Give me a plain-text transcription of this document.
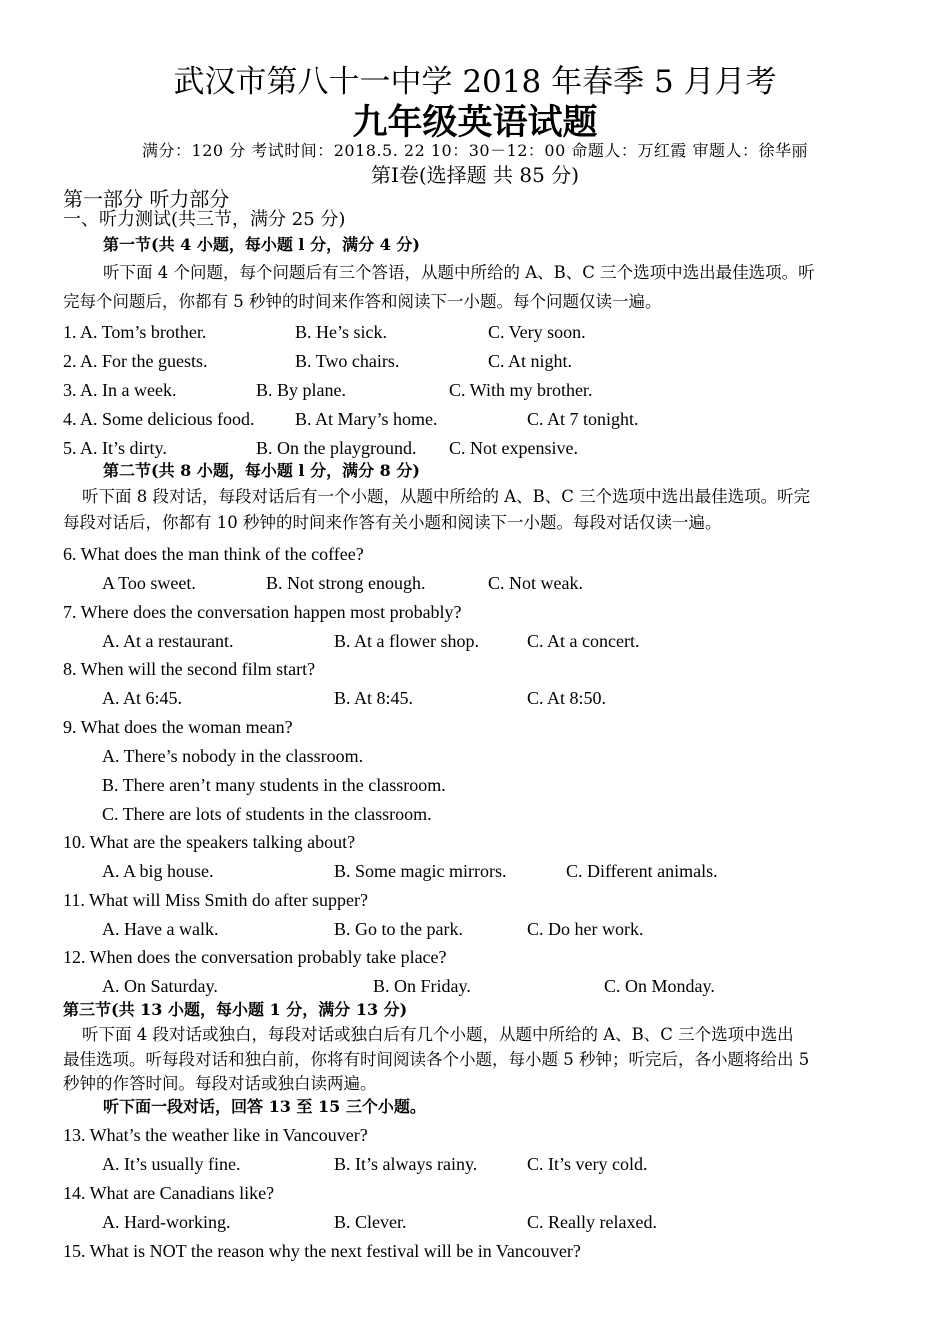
武汉市第八十一中学 2018 年春季 5 月月考
九年级英语试题
满分：120 分 考试时间：2018.5. 22 10：30－12：00 命题人：万红霞 审题人：徐华丽
第Ⅰ卷(选择题 共 85 分)
第一部分 听力部分
一、听力测试(共三节，满分 25 分)
第一节(共 4 小题，每小题 l 分，满分 4 分)
听下面 4 个问题，每个问题后有三个答语，从题中所给的 A、B、C 三个选项中选出最佳选项。听
完每个问题后，你都有 5 秒钟的时间来作答和阅读下一小题。每个问题仅读一遍。
1. A. Tom’s brother.	B. He’s sick.	C. Very soon.
2. A. For the guests.	B. Two chairs.	C. At night.
3. A. In a week.	B. By plane.	C. With my brother.
4. A. Some delicious food. B. At Mary’s home.	C. At 7 tonight.
5. A. It’s dirty.	B. On the playground. C. Not expensive.
第二节(共 8 小题，每小题 l 分，满分 8 分)
听下面 8 段对话，每段对话后有一个小题，从题中所给的 A、B、C 三个选项中选出最佳选项。听完
每段对话后，你都有 10 秒钟的时间来作答有关小题和阅读下一小题。每段对话仅读一遍。
6. What does the man think of the coffee?
A Too sweet.	B. Not strong enough.	C. Not weak.
7. Where does the conversation happen most probably?
A. At a restaurant.	B. At a flower shop.	C. At a concert.
8. When will the second film start?
A. At 6:45.	B. At 8:45.	C. At 8:50.
9. What does the woman mean?
A. There’s nobody in the classroom.
B. There aren’t many students in the classroom.
C. There are lots of students in the classroom.
10. What are the speakers talking about?
A. A big house.	B. Some magic mirrors.	C. Different animals.
11. What will Miss Smith do after supper?
A. Have a walk.	B. Go to the park.	C. Do her work.
12. When does the conversation probably take place?
A. On Saturday.	B. On Friday.	C. On Monday.
第三节(共 13 小题，每小题 1 分，满分 13 分)
听下面 4 段对话或独白，每段对话或独白后有几个小题，从题中所给的 A、B、C 三个选项中选出
最佳选项。听每段对话和独白前，你将有时间阅读各个小题，每小题 5 秒钟；听完后，各小题将给出 5
秒钟的作答时间。每段对话或独白读两遍。
听下面一段对话，回答 13 至 15 三个小题。
13. What’s the weather like in Vancouver?
A. It’s usually fine.	B. It’s always rainy.	C. It’s very cold.
14. What are Canadians like?
A. Hard-working.	B. Clever.	C. Really relaxed.
15. What is NOT the reason why the next festival will be in Vancouver?
